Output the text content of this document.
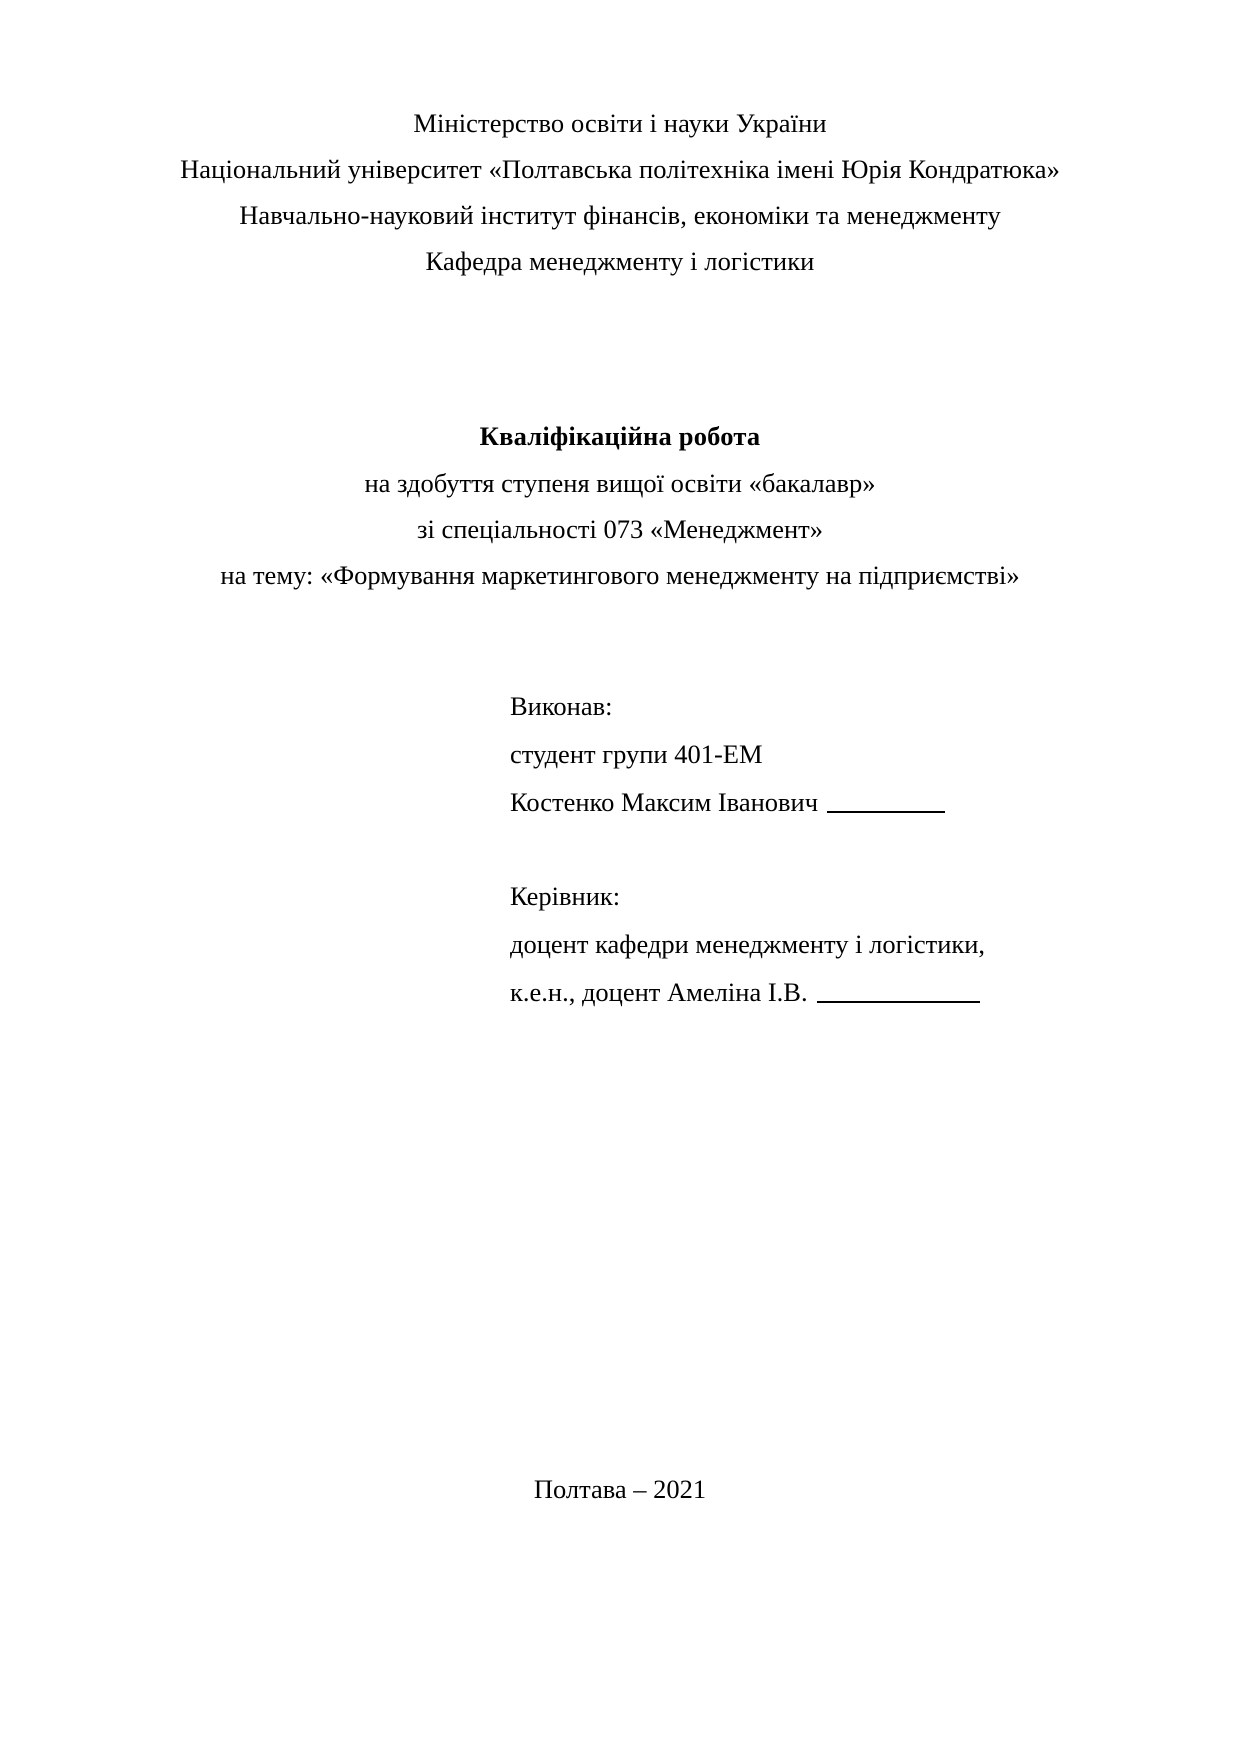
Міністерство освіти і науки України
Національний університет «Полтавська політехніка імені Юрія Кондратюка»
Навчально-науковий інститут фінансів, економіки та менеджменту
Кафедра менеджменту і логістики
Кваліфікаційна робота
на здобуття ступеня вищої освіти «бакалавр»
зі спеціальності 073 «Менеджмент»
на тему: «Формування маркетингового менеджменту на підприємстві»
Виконав:
студент групи 401-ЕМ
Костенко Максим Іванович
Керівник:
доцент кафедри менеджменту і логістики,
к.е.н., доцент Амеліна І.В.
Полтава – 2021
